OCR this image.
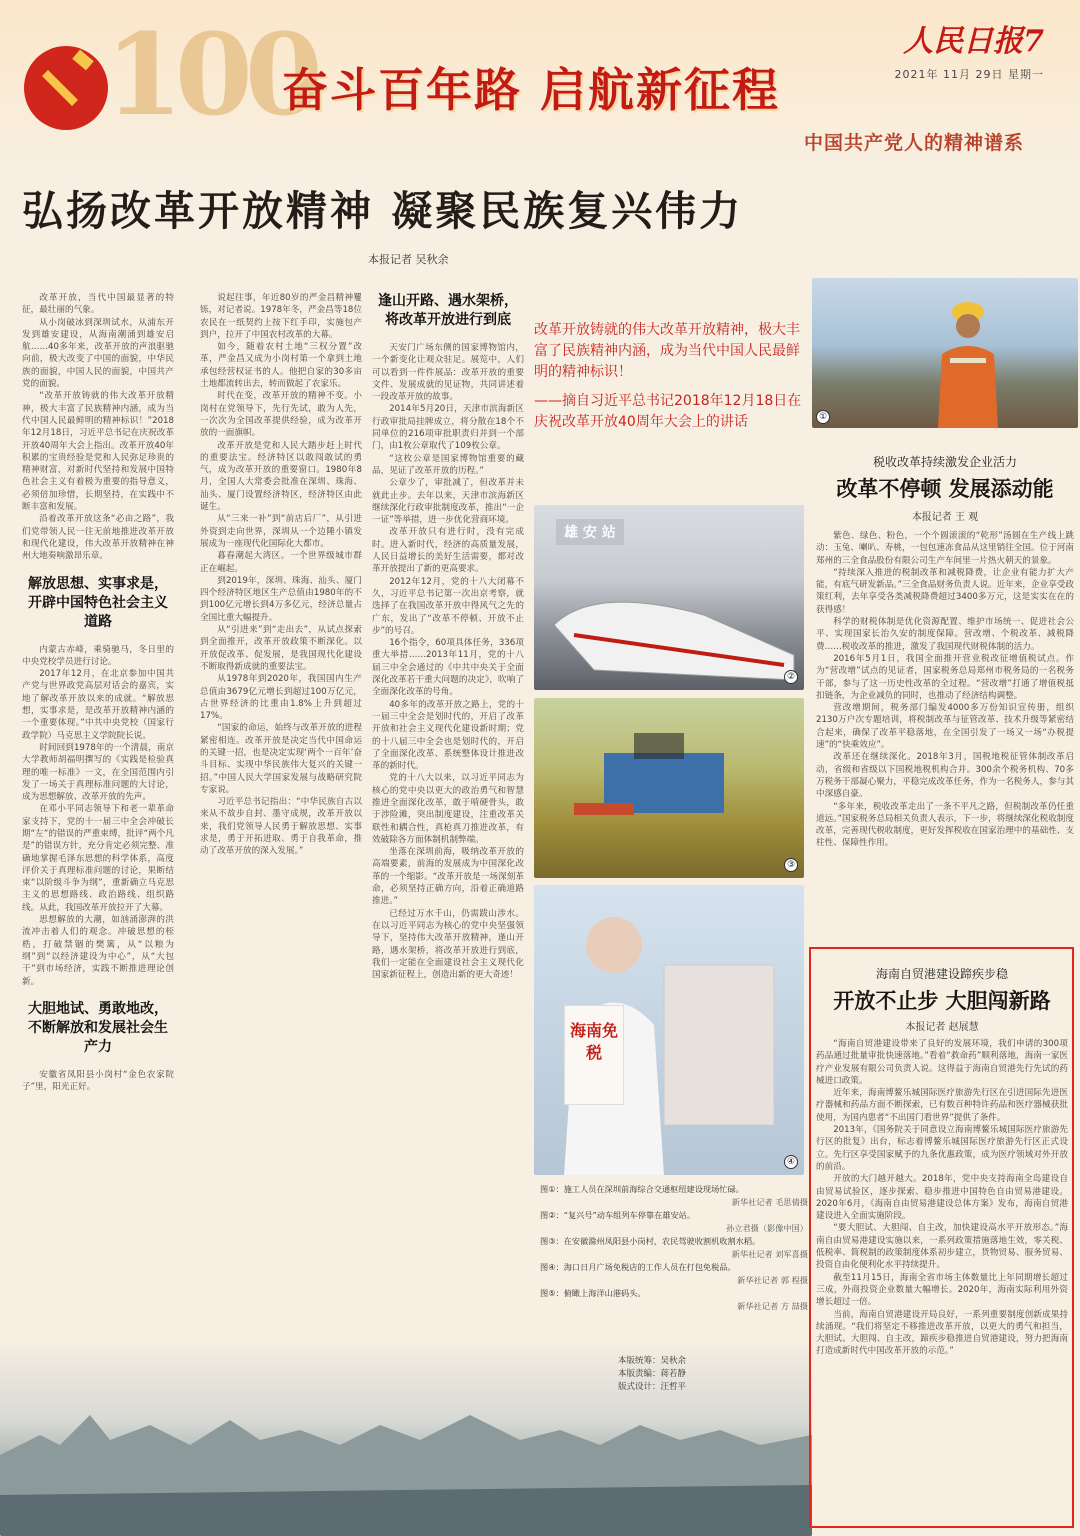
100
奋斗百年路 启航新征程
中国共产党人的精神谱系
人民日报7
2021年 11月 29日 星期一
弘扬改革开放精神 凝聚民族复兴伟力
本报记者 吴秋余

改革开放，当代中国最显著的特征，最壮丽的气象。

从小岗破冰到深圳试水，从浦东开发到雄安建设，从海南潮涌到雄安启航……40多年来，改革开放的声浪驱驰向前，极大改变了中国的面貌，中华民族的面貌，中国人民的面貌，中国共产党的面貌。

“改革开放铸就的伟大改革开放精神，极大丰富了民族精神内涵，成为当代中国人民最鲜明的精神标识！”2018年12月18日，习近平总书记在庆祝改革开放40周年大会上指出。改革开放40年积累的宝贵经验是党和人民弥足珍贵的精神财富，对新时代坚持和发展中国特色社会主义有着极为重要的指导意义，必须倍加珍惜，长期坚持，在实践中不断丰富和发展。

沿着改革开放这条“必由之路”，我们党带领人民一往无前地推进改革开放和现代化建设，伟大改革开放精神在神州大地奏响激昂乐章。

解放思想、实事求是，开辟中国特色社会主义道路

内蒙古赤峰，乘骑驰马，冬日里的中央党校学员进行讨论。

2017年12月，在北京参加中国共产党与世界政党高层对话会的嘉宾，实地了解改革开放以来的成就。“解放思想，实事求是，是改革开放精神内涵的一个重要体现。”中共中央党校（国家行政学院）马克思主义学院院长说。

时间回到1978年的一个清晨，南京大学教师胡福明撰写的《实践是检验真理的唯一标准》一文，在全国范围内引发了一场关于真理标准问题的大讨论，成为思想解放、改革开放的先声。

在邓小平同志领导下和老一辈革命家支持下，党的十一届三中全会冲破长期“左”的错误的严重束缚，批评“两个凡是”的错误方针，充分肯定必须完整、准确地掌握毛泽东思想的科学体系，高度评价关于真理标准问题的讨论，果断结束“以阶级斗争为纲”，重新确立马克思主义的思想路线、政治路线、组织路线。从此，我国改革开放拉开了大幕。

思想解放的大潮，如汹涌澎湃的洪流冲击着人们的观念。冲破思想的桎梏，打破禁锢的樊篱，从“以粮为纲”到“以经济建设为中心”，从“大包干”到市场经济，实践不断推进理论创新。

大胆地试、勇敢地改，不断解放和发展社会生产力

安徽省凤阳县小岗村“金色农家院子”里，阳光正好。

说起往事，年近80岁的严金昌精神矍铄，对记者说。1978年冬，严金昌等18位农民在一纸契约上按下红手印，实施包产到户，拉开了中国农村改革的大幕。

如今，随着农村土地“三权分置”改革，严金昌又成为小岗村第一个拿到土地承包经营权证书的人。他把自家的30多亩土地都流转出去，转而做起了农家乐。

时代在变，改革开放的精神不变。小岗村在党领导下，先行先试，敢为人先，一次次为全国改革提供经验，成为改革开放的一面旗帜。

改革开放是党和人民大踏步赶上时代的重要法宝。经济特区以敢闯敢试的勇气，成为改革开放的重要窗口。1980年8月，全国人大常委会批准在深圳、珠海、汕头、厦门设置经济特区，经济特区由此诞生。

从“三来一补”到“前店后厂”，从引进外资到走向世界，深圳从一个边陲小镇发展成为一座现代化国际化大都市。

暮春潮起大湾区。一个世界级城市群正在崛起。

到2019年，深圳、珠海、汕头、厦门四个经济特区地区生产总值由1980年的不到100亿元增长到4万多亿元，经济总量占全国比重大幅提升。

从“引进来”到“走出去”，从试点探索到全面推开，改革开放政策不断深化。以开放促改革、促发展，是我国现代化建设不断取得新成就的重要法宝。

从1978年到2020年，我国国内生产总值由3679亿元增长到超过100万亿元，占世界经济的比重由1.8%上升到超过17%。

“国家的命运，始终与改革开放的进程紧密相连。改革开放是决定当代中国命运的关键一招，也是决定实现‘两个一百年’奋斗目标、实现中华民族伟大复兴的关键一招。”中国人民大学国家发展与战略研究院专家说。

习近平总书记指出：“中华民族自古以来从不故步自封、墨守成规，改革开放以来，我们党领导人民勇于解放思想、实事求是，勇于开拓进取、勇于自我革命，推动了改革开放的深入发展。”

逢山开路、遇水架桥，将改革开放进行到底

天安门广场东侧的国家博物馆内，一个新变化让观众驻足。展览中，人们可以看到一件件展品：改革开放的重要文件、发展成就的见证物，共同讲述着一段改革开放的故事。

2014年5月20日，天津市滨海新区行政审批局挂牌成立，将分散在18个不同单位的216项审批职责归并到一个部门，由1枚公章取代了109枚公章。

“这枚公章是国家博物馆重要的藏品，见证了改革开放的历程。”

公章少了，审批减了，但改革并未就此止步。去年以来，天津市滨海新区继续深化行政审批制度改革，推出“一企一证”等举措，进一步优化营商环境。

改革开放只有进行时，没有完成时。进入新时代，经济的高质量发展，人民日益增长的美好生活需要，都对改革开放提出了新的更高要求。

2012年12月，党的十八大闭幕不久，习近平总书记第一次出京考察，就选择了在我国改革开放中得风气之先的广东，发出了“改革不停顿、开放不止步”的号召。

16个指令，60项具体任务，336项重大举措……2013年11月，党的十八届三中全会通过的《中共中央关于全面深化改革若干重大问题的决定》，吹响了全面深化改革的号角。

40多年的改革开放之路上，党的十一届三中全会是划时代的，开启了改革开放和社会主义现代化建设新时期；党的十八届三中全会也是划时代的，开启了全面深化改革、系统整体设计推进改革的新时代。

党的十八大以来，以习近平同志为核心的党中央以更大的政治勇气和智慧推进全面深化改革，敢于啃硬骨头，敢于涉险滩，突出制度建设，注重改革关联性和耦合性，真枪真刀推进改革，有效破除各方面体制机制弊端。

坐落在深圳前海，吸纳改革开放的高端要素，前海的发展成为中国深化改革的一个缩影。“改革开放是一场深刻革命，必须坚持正确方向，沿着正确道路推进。”

已经过万水千山，仍需跋山涉水。在以习近平同志为核心的党中央坚强领导下，坚持伟大改革开放精神，逢山开路，遇水架桥，将改革开放进行到底，我们一定能在全面建设社会主义现代化国家新征程上，创造出新的更大奇迹！

改革开放铸就的伟大改革开放精神，极大丰富了民族精神内涵，成为当代中国人民最鲜明的精神标识！
——摘自习近平总书记2018年12月18日在庆祝改革开放40周年大会上的讲话	①
雄 安 站
②
③
海南免税
④
图①：施工人员在深圳前海综合交通枢纽建设现场忙碌。
新华社记者 毛思倩摄
图②：“复兴号”动车组列车停靠在雄安站。
孙立君摄（影像中国）
图③：在安徽滁州凤阳县小岗村，农民驾驶收割机收割水稻。
新华社记者 刘军喜摄
图④：海口日月广场免税店的工作人员在打包免税品。
新华社记者 郭 程摄
图⑤：俯瞰上海洋山港码头。
新华社记者 方 喆摄
本版统筹：吴秋余
本版责编：蒋若静
版式设计：汪哲平
税收改革持续激发企业活力
改革不停顿 发展添动能
本报记者 王 观

紫色、绿色、粉色，一个个圆滚滚的“乾形”汤圆在生产线上跳动：玉兔、喇叭、寿桃，一包包速冻食品从这里销往全国。位于河南郑州的三全食品股份有限公司生产车间里一片热火朝天的景象。

“持续深入推进的税制改革和减税降费，让企业有能力扩大产能，有底气研发新品。”三全食品财务负责人说。近年来，企业享受政策红利，去年享受各类减税降费超过3400多万元，这是实实在在的获得感！

科学的财税体制是优化资源配置、维护市场统一、促进社会公平、实现国家长治久安的制度保障。营改增、个税改革、减税降费……税收改革的推进，激发了我国现代财税体制的活力。

2016年5月1日，我国全面推开营业税改征增值税试点。作为“营改增”试点的见证者，国家税务总局郑州市税务局的一名税务干部，参与了这一历史性改革的全过程。“营改增”打通了增值税抵扣链条，为企业减负的同时，也推动了经济结构调整。

营改增期间，税务部门编发4000多万份知识宣传册，组织2130万户次专题培训，将税制改革与征管改革、技术升级等紧密结合起来，确保了改革平稳落地，在全国引发了一场又一场“办税提速”的“快乘效应”。

改革还在继续深化。2018年3月，国税地税征管体制改革启动，省级和省级以下国税地税机构合并。300余个税务机构、70多万税务干部凝心聚力，平稳完成改革任务，作为一名税务人，参与其中深感自豪。

“多年来，税收改革走出了一条不平凡之路，但税制改革仍任重道远。”国家税务总局相关负责人表示，下一步，将继续深化税收制度改革，完善现代税收制度，更好发挥税收在国家治理中的基础性、支柱性、保障性作用。

海南自贸港建设蹄疾步稳
开放不止步 大胆闯新路
本报记者 赵展慧

“海南自贸港建设带来了良好的发展环境，我们申请的300项药品通过批量审批快速落地。”看着“救命药”顺利落地，海南一家医疗产业发展有限公司负责人说。这得益于海南自贸港先行先试的药械进口政策。

近年来，海南博鳌乐城国际医疗旅游先行区在引进国际先进医疗器械和药品方面不断探索，已有数百种特许药品和医疗器械获批使用，为国内患者“不出国门看世界”提供了条件。

2013年，《国务院关于同意设立海南博鳌乐城国际医疗旅游先行区的批复》出台，标志着博鳌乐城国际医疗旅游先行区正式设立。先行区享受国家赋予的九条优惠政策，成为医疗领域对外开放的前沿。

开放的大门越开越大。2018年，党中央支持海南全岛建设自由贸易试验区，逐步探索、稳步推进中国特色自由贸易港建设。2020年6月，《海南自由贸易港建设总体方案》发布，海南自贸港建设进入全面实施阶段。

“要大胆试、大胆闯、自主改，加快建设高水平开放形态。”海南自由贸易港建设实施以来，一系列政策措施落地生效，零关税、低税率、简税制的政策制度体系初步建立，货物贸易、服务贸易、投资自由化便利化水平持续提升。

截至11月15日，海南全省市场主体数量比上年同期增长超过三成，外商投资企业数量大幅增长。2020年，海南实际利用外资增长超过一倍。

当前，海南自贸港建设开局良好，一系列重要制度创新成果持续涌现。“我们将坚定不移推进改革开放，以更大的勇气和担当，大胆试、大胆闯、自主改，蹄疾步稳推进自贸港建设，努力把海南打造成新时代中国改革开放的示范。”
